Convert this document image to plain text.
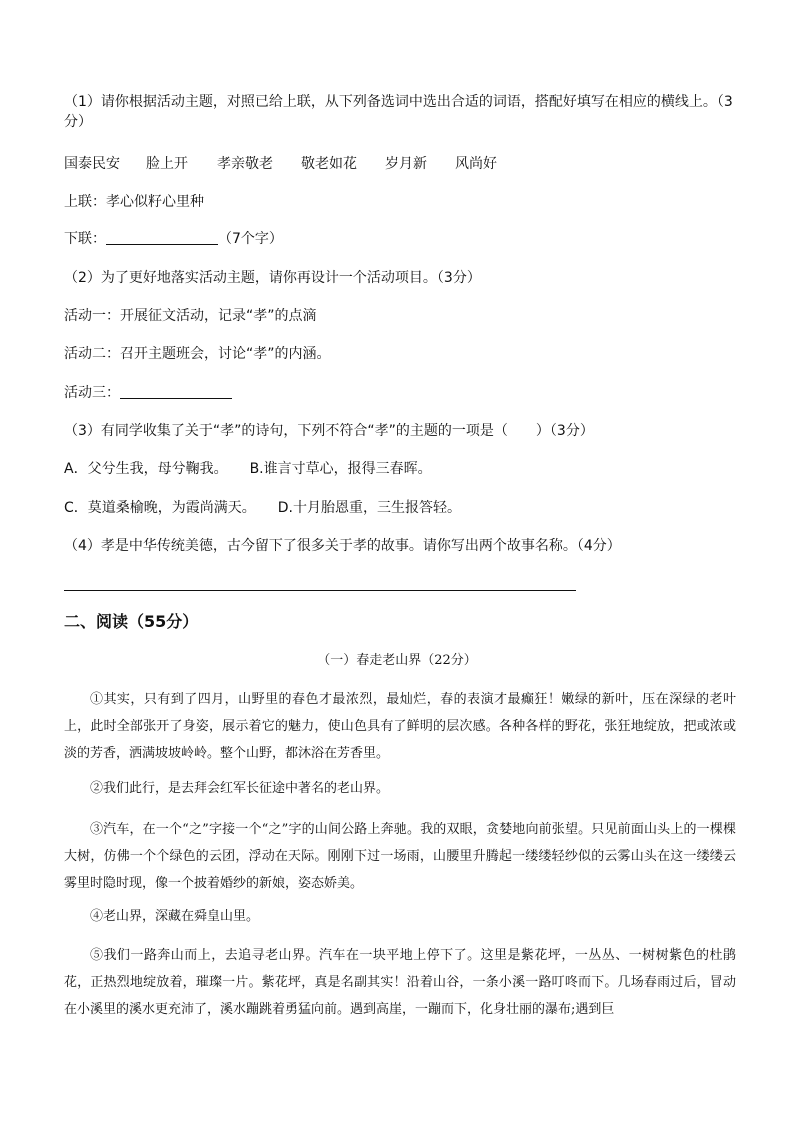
（1）请你根据活动主题，对照已给上联，从下列备选词中选出合适的词语，搭配好填写在相应的横线上。（3
分）
国泰民安 脸上开 孝亲敬老 敬老如花 岁月新 风尚好
上联：孝心似籽心里种
下联：	（7个字）
（2）为了更好地落实活动主题，请你再设计一个活动项目。（3分）
活动一：开展征文活动，记录“孝”的点滴
活动二：召开主题班会，讨论“孝”的内涵。
活动三：
（3）有同学收集了关于“孝”的诗句，下列不符合“孝”的主题的一项是（　　）（3分）
A．父兮生我，母兮鞠我。 B.谁言寸草心，报得三春晖。
C．莫道桑榆晚，为霞尚满天。 D.十月胎恩重，三生报答轻。
（4）孝是中华传统美德，古今留下了很多关于孝的故事。请你写出两个故事名称。（4分）
二、阅读（55分）
（一）春走老山界（22分）
①其实，只有到了四月，山野里的春色才最浓烈，最灿烂，春的表演才最癫狂！嫩绿的新叶，压在深绿的老叶上，此时全部张开了身姿，展示着它的魅力，使山色具有了鲜明的层次感。各种各样的野花，张狂地绽放，把或浓或淡的芳香，洒满坡坡岭岭。整个山野，都沐浴在芳香里。
②我们此行，是去拜会红军长征途中著名的老山界。
③汽车，在一个“之”字接一个“之”字的山间公路上奔驰。我的双眼，贪婪地向前张望。只见前面山头上的一棵棵大树，仿佛一个个绿色的云团，浮动在天际。刚刚下过一场雨，山腰里升腾起一缕缕轻纱似的云雾山头在这一缕缕云雾里时隐时现，像一个披着婚纱的新娘，姿态娇美。
④老山界，深藏在舜皇山里。
⑤我们一路奔山而上，去追寻老山界。汽车在一块平地上停下了。这里是紫花坪，一丛丛、一树树紫色的杜鹃花，正热烈地绽放着，璀璨一片。紫花坪，真是名副其实！沿着山谷，一条小溪一路叮咚而下。几场春雨过后，冒动在小溪里的溪水更充沛了，溪水蹦跳着勇猛向前。遇到高崖，一蹦而下，化身壮丽的瀑布;遇到巨
